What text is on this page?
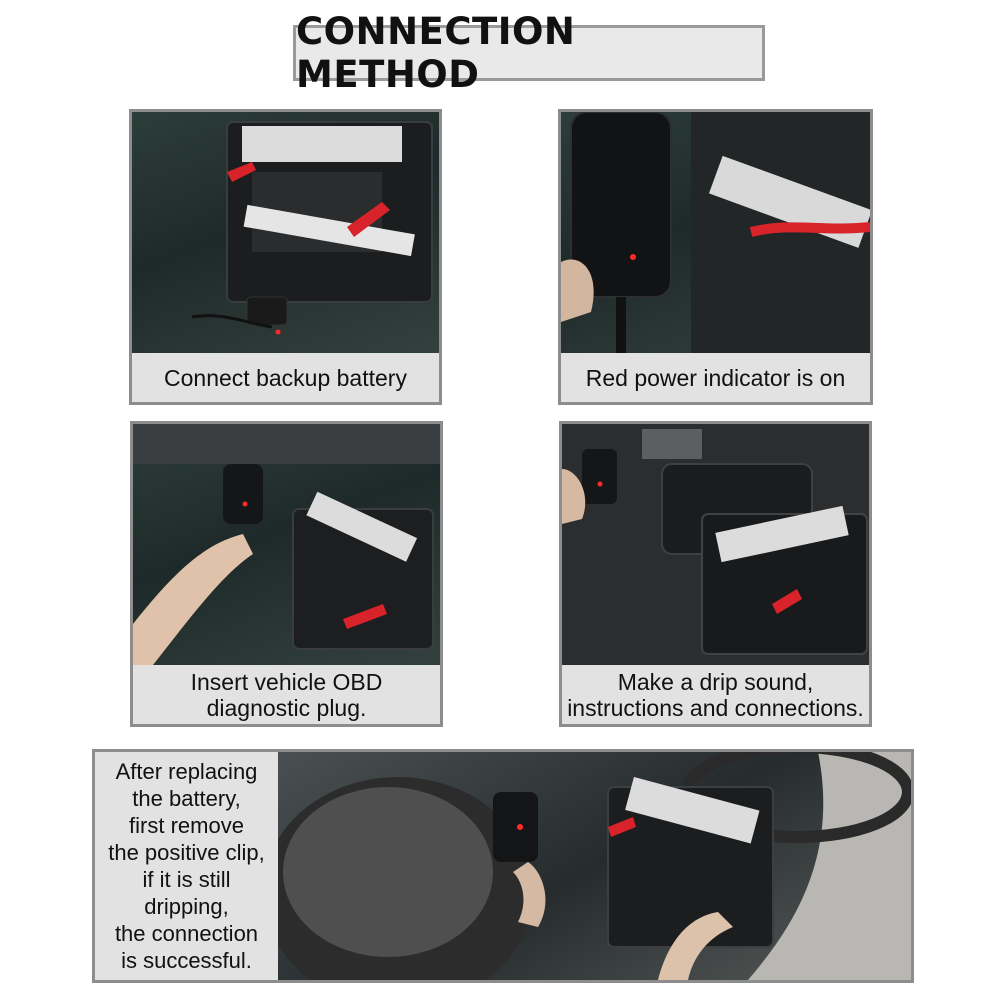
CONNECTION METHOD
Connect backup battery	Red power indicator is on
Insert vehicle OBD
diagnostic plug.
Make a drip sound,
instructions and connections.
After replacing
the battery,
first remove
the positive clip,
if it is still
dripping,
the connection
is successful.
